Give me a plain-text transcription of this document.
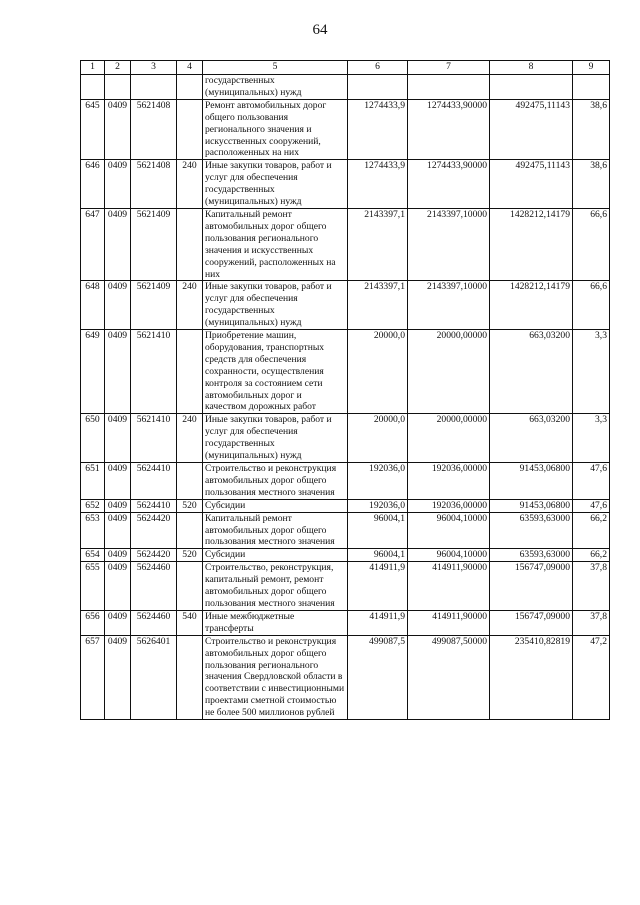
64
1	2	3	4	5	6	7	8	9
				государственных (муниципальных) нужд				
645	0409	5621408		Ремонт автомобильных дорог общего пользования регионального значения и искусственных сооружений, расположенных на них	1274433,9	1274433,90000	492475,11143	38,6
646	0409	5621408	240	Иные закупки товаров, работ и услуг для обеспечения государственных (муниципальных) нужд	1274433,9	1274433,90000	492475,11143	38,6
647	0409	5621409		Капитальный ремонт автомобильных дорог общего пользования регионального значения и искусственных сооружений, расположенных на них	2143397,1	2143397,10000	1428212,14179	66,6
648	0409	5621409	240	Иные закупки товаров, работ и услуг для обеспечения государственных (муниципальных) нужд	2143397,1	2143397,10000	1428212,14179	66,6
649	0409	5621410		Приобретение машин, оборудования, транспортных средств для обеспечения сохранности, осуществления контроля за состоянием сети автомобильных дорог и качеством дорожных работ	20000,0	20000,00000	663,03200	3,3
650	0409	5621410	240	Иные закупки товаров, работ и услуг для обеспечения государственных (муниципальных) нужд	20000,0	20000,00000	663,03200	3,3
651	0409	5624410		Строительство и реконструкция автомобильных дорог общего пользования местного значения	192036,0	192036,00000	91453,06800	47,6
652	0409	5624410	520	Субсидии	192036,0	192036,00000	91453,06800	47,6
653	0409	5624420		Капитальный ремонт автомобильных дорог общего пользования местного значения	96004,1	96004,10000	63593,63000	66,2
654	0409	5624420	520	Субсидии	96004,1	96004,10000	63593,63000	66,2
655	0409	5624460		Строительство, реконструкция, капитальный ремонт, ремонт автомобильных дорог общего пользования местного значения	414911,9	414911,90000	156747,09000	37,8
656	0409	5624460	540	Иные межбюджетные трансферты	414911,9	414911,90000	156747,09000	37,8
657	0409	5626401		Строительство и реконструкция автомобильных дорог общего пользования регионального значения Свердловской области в соответствии с инвестиционными проектами сметной стоимостью не более 500 миллионов рублей	499087,5	499087,50000	235410,82819	47,2
